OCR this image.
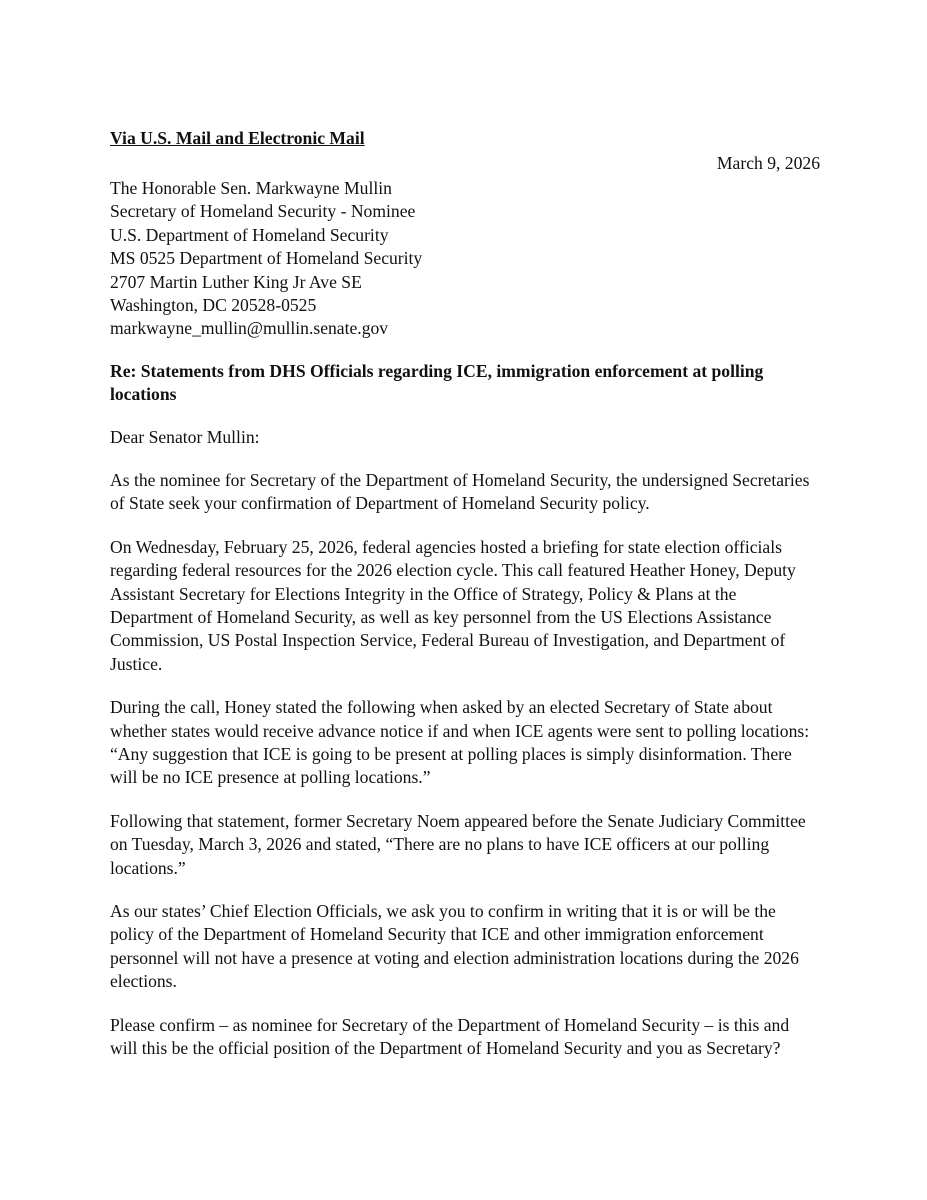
Via U.S. Mail and Electronic Mail

March 9, 2026

The Honorable Sen. Markwayne Mullin
Secretary of Homeland Security - Nominee
U.S. Department of Homeland Security
MS 0525 Department of Homeland Security
2707 Martin Luther King Jr Ave SE
Washington, DC 20528-0525
markwayne_mullin@mullin.senate.gov

Re: Statements from DHS Officials regarding ICE, immigration enforcement at polling locations

Dear Senator Mullin:

As the nominee for Secretary of the Department of Homeland Security, the undersigned Secretaries of State seek your confirmation of Department of Homeland Security policy.

On Wednesday, February 25, 2026, federal agencies hosted a briefing for state election officials regarding federal resources for the 2026 election cycle. This call featured Heather Honey, Deputy Assistant Secretary for Elections Integrity in the Office of Strategy, Policy & Plans at the Department of Homeland Security, as well as key personnel from the US Elections Assistance Commission, US Postal Inspection Service, Federal Bureau of Investigation, and Department of Justice.

During the call, Honey stated the following when asked by an elected Secretary of State about whether states would receive advance notice if and when ICE agents were sent to polling locations: “Any suggestion that ICE is going to be present at polling places is simply disinformation. There will be no ICE presence at polling locations.”

Following that statement, former Secretary Noem appeared before the Senate Judiciary Committee on Tuesday, March 3, 2026 and stated, “There are no plans to have ICE officers at our polling locations.”

As our states’ Chief Election Officials, we ask you to confirm in writing that it is or will be the policy of the Department of Homeland Security that ICE and other immigration enforcement personnel will not have a presence at voting and election administration locations during the 2026 elections.

Please confirm – as nominee for Secretary of the Department of Homeland Security – is this and will this be the official position of the Department of Homeland Security and you as Secretary?
